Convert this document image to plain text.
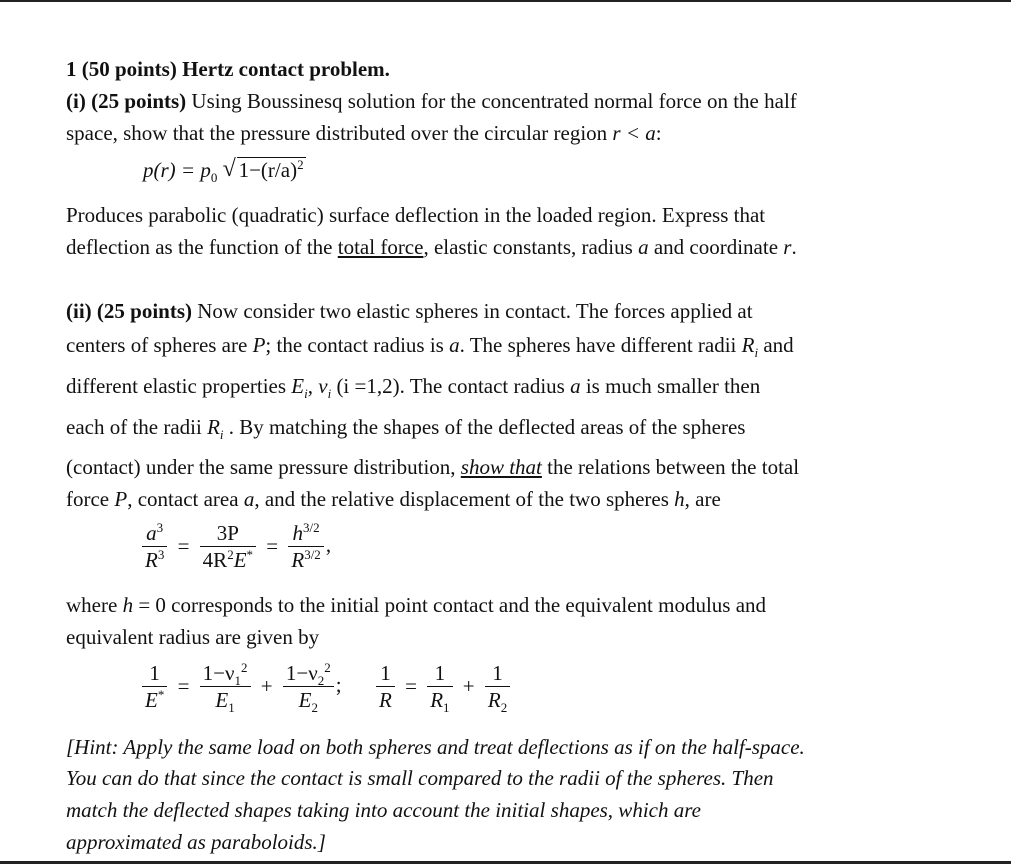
1 (50 points) Hertz contact problem.
(i) (25 points) Using Boussinesq solution for the concentrated normal force on the half
space, show that the pressure distributed over the circular region r < a:
$p(r) = p_0$ √ $1-(r/a)^2$
Produces parabolic (quadratic) surface deflection in the loaded region. Express that
deflection as the function of the total force, elastic constants, radius a and coordinate r.
(ii) (25 points) Now consider two elastic spheres in contact. The forces applied at
centers of spheres are P; the contact radius is a. The spheres have different radii $R_i$ and
different elastic properties $E_i$, $\nu_i$ (i =1,2). The contact radius a is much smaller then
each of the radii $R_i$ . By matching the shapes of the deflected areas of the spheres
(contact) under the same pressure distribution, show that the relations between the total
force P, contact area a, and the relative displacement of the two spheres h, are
$\frac{a^3}{R^3} = \frac{3P}{4R^2E^*} = \frac{h^{3/2}}{R^{3/2}}$ ,
where h = 0 corresponds to the initial point contact and the equivalent modulus and
equivalent radius are given by
$\frac{1}{E^*} = \frac{1-\nu_1^2}{E_1} + \frac{1-\nu_2^2}{E_2}$ ; $\frac{1}{R} = \frac{1}{R_1} + \frac{1}{R_2}$
[Hint: Apply the same load on both spheres and treat deflections as if on the half-space.
You can do that since the contact is small compared to the radii of the spheres. Then
match the deflected shapes taking into account the initial shapes, which are
approximated as paraboloids.]
